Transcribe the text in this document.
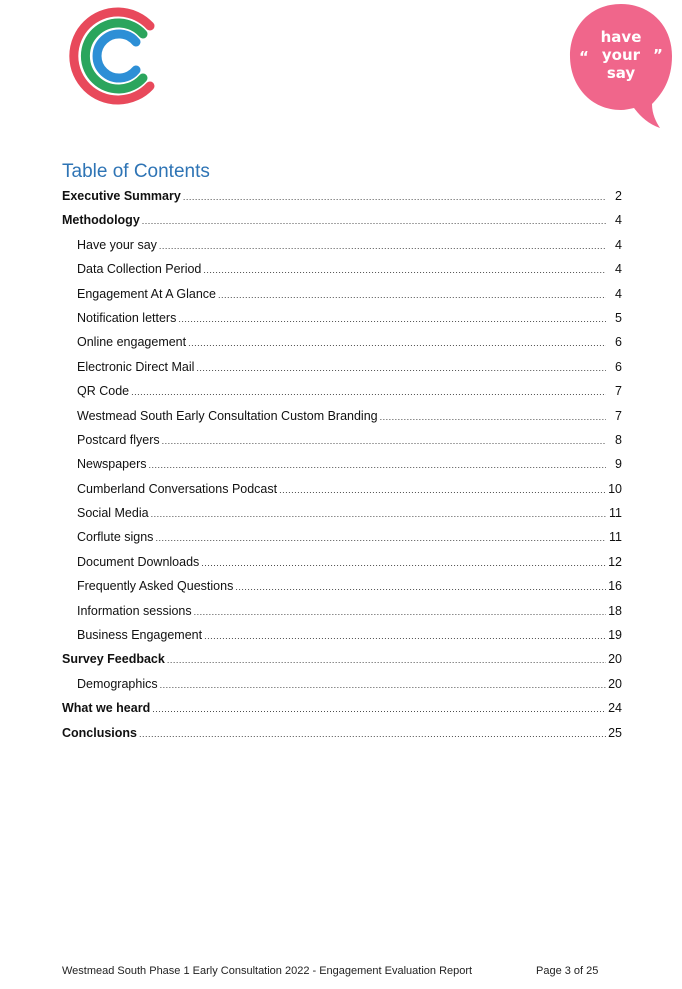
“	”
have
your
say
Table of Contents
Executive Summary .....	2
Methodology .....	4
Have your say .....	4
Data Collection Period .....	4
Engagement At A Glance .....	4
Notification letters .....	5
Online engagement .....	6
Electronic Direct Mail .....	6
QR Code .....	7
Westmead South Early Consultation Custom Branding .....	7
Postcard flyers .....	8
Newspapers .....	9
Cumberland Conversations Podcast .....	10
Social Media .....	11
Corflute signs .....	11
Document Downloads .....	12
Frequently Asked Questions .....	16
Information sessions .....	18
Business Engagement .....	19
Survey Feedback .....	20
Demographics .....	20
What we heard .....	24
Conclusions .....	25
Westmead South Phase 1 Early Consultation 2022 - Engagement Evaluation Report	Page 3 of 25
